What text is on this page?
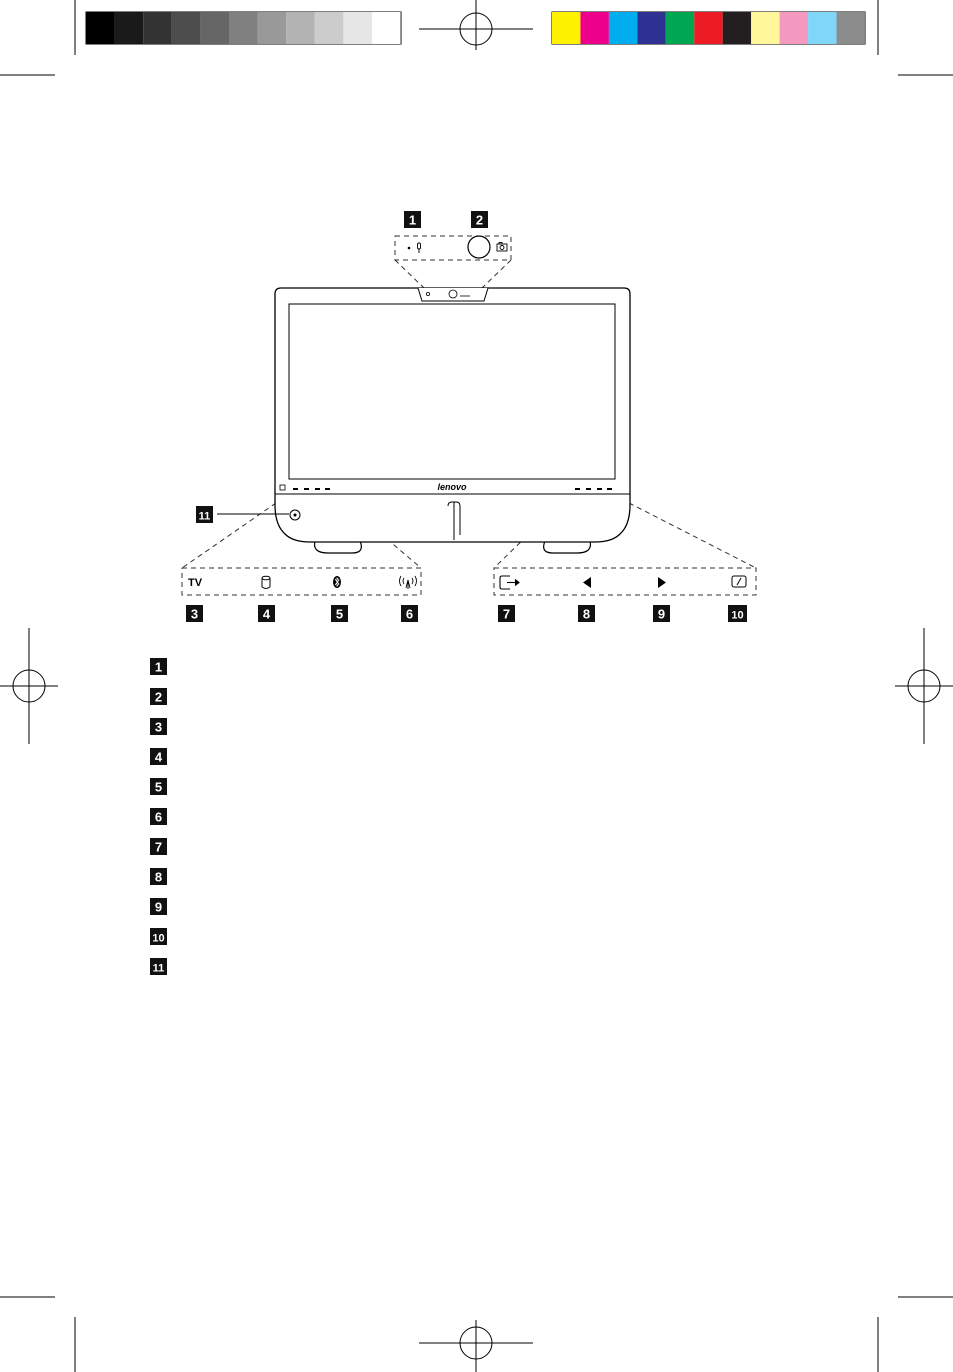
lenovo
TV
1	2
11
3	4	5	6	7	8	9	10
1
2
3
4
5
6
7
8
9
10
11
